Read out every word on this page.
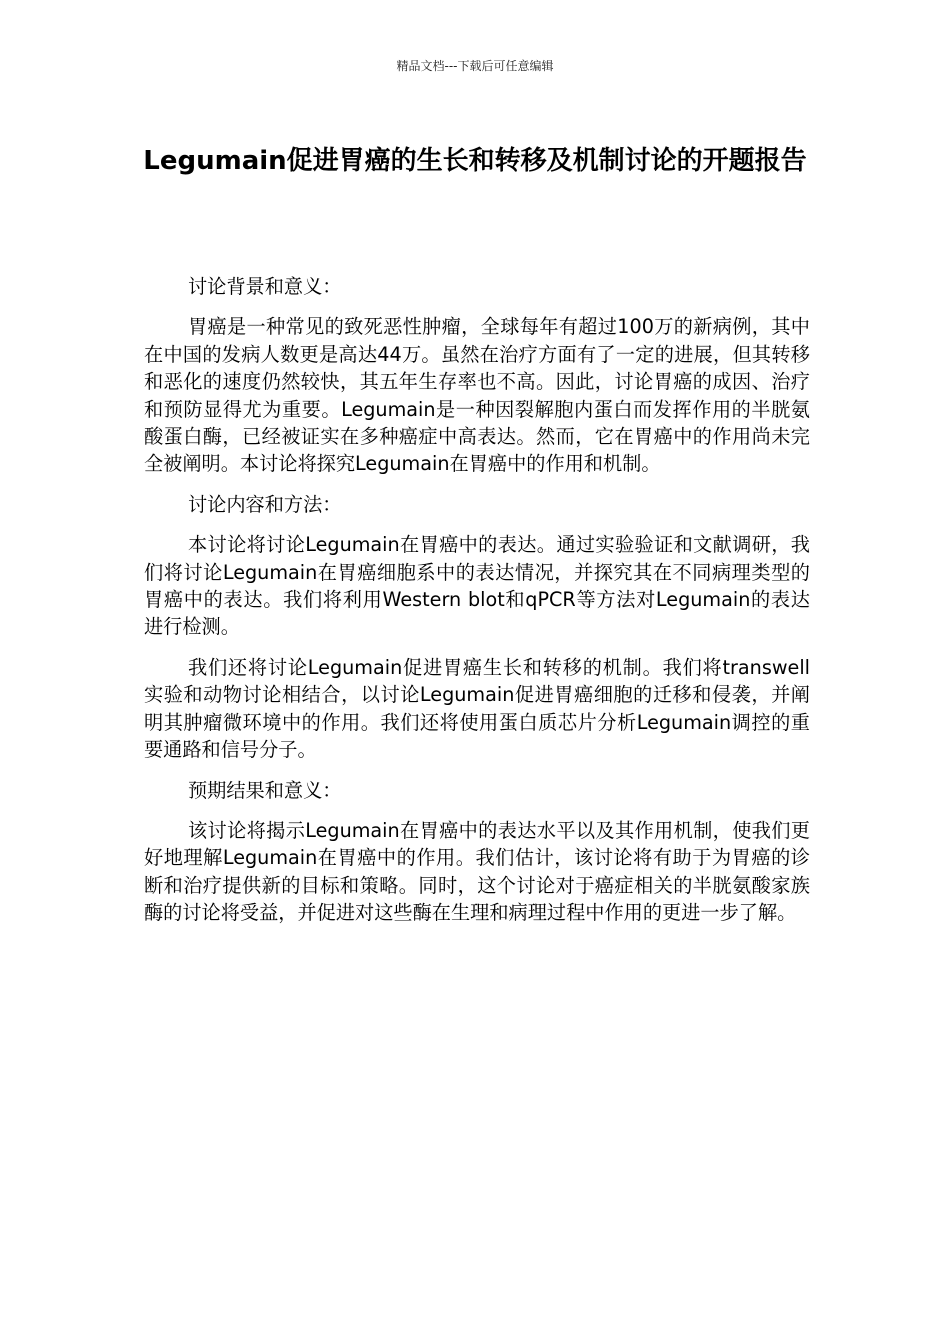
精品文档---下载后可任意编辑
Legumain促进胃癌的生长和转移及机制讨论的开题报告

讨论背景和意义：

胃癌是一种常见的致死恶性肿瘤，全球每年有超过100万的新病例，其中在中国的发病人数更是高达44万。虽然在治疗方面有了一定的进展，但其转移和恶化的速度仍然较快，其五年生存率也不高。因此，讨论胃癌的成因、治疗和预防显得尤为重要。Legumain是一种因裂解胞内蛋白而发挥作用的半胱氨酸蛋白酶，已经被证实在多种癌症中高表达。然而，它在胃癌中的作用尚未完全被阐明。本讨论将探究Legumain在胃癌中的作用和机制。

讨论内容和方法：

本讨论将讨论Legumain在胃癌中的表达。通过实验验证和文献调研，我们将讨论Legumain在胃癌细胞系中的表达情况，并探究其在不同病理类型的胃癌中的表达。我们将利用Western blot和qPCR等方法对Legumain的表达进行检测。

我们还将讨论Legumain促进胃癌生长和转移的机制。我们将transwell实验和动物讨论相结合，以讨论Legumain促进胃癌细胞的迁移和侵袭，并阐明其肿瘤微环境中的作用。我们还将使用蛋白质芯片分析Legumain调控的重要通路和信号分子。

预期结果和意义：

该讨论将揭示Legumain在胃癌中的表达水平以及其作用机制，使我们更好地理解Legumain在胃癌中的作用。我们估计，该讨论将有助于为胃癌的诊断和治疗提供新的目标和策略。同时，这个讨论对于癌症相关的半胱氨酸家族酶的讨论将受益，并促进对这些酶在生理和病理过程中作用的更进一步了解。
